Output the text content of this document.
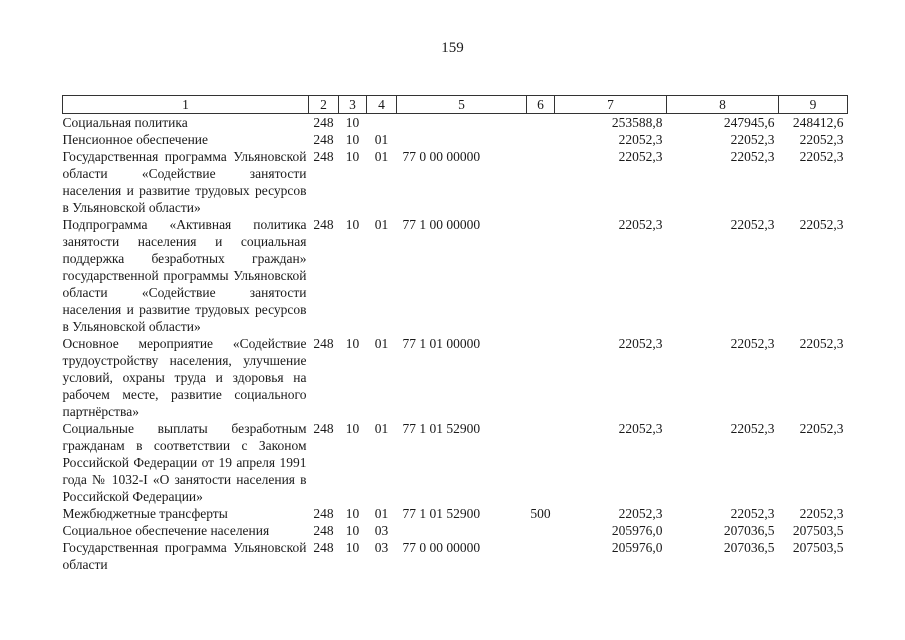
159
1	2	3	4	5	6	7	8	9
Социальная политика	248	10				253588,8	247945,6	248412,6
Пенсионное обеспечение	248	10	01			22052,3	22052,3	22052,3
Государственная программа Ульяновской области «Содействие занятости населения и развитие трудовых ресурсов в Ульяновской области»	248	10	01	77 0 00 00000		22052,3	22052,3	22052,3
Подпрограмма «Активная политика занятости населения и социальная поддержка безработных граждан» государственной программы Ульяновской области «Содействие занятости населения и развитие трудовых ресурсов в Ульяновской области»	248	10	01	77 1 00 00000		22052,3	22052,3	22052,3
Основное мероприятие «Содействие трудоустройству населения, улучшение условий, охраны труда и здоровья на рабочем месте, развитие социального партнёрства»	248	10	01	77 1 01 00000		22052,3	22052,3	22052,3
Социальные выплаты безработным гражданам в соответствии с Законом Российской Федерации от 19 апреля 1991 года № 1032-I «О занятости населения в Российской Федерации»	248	10	01	77 1 01 52900		22052,3	22052,3	22052,3
Межбюджетные трансферты	248	10	01	77 1 01 52900	500	22052,3	22052,3	22052,3
Социальное обеспечение населения	248	10	03			205976,0	207036,5	207503,5
Государственная программа Ульяновской области	248	10	03	77 0 00 00000		205976,0	207036,5	207503,5
